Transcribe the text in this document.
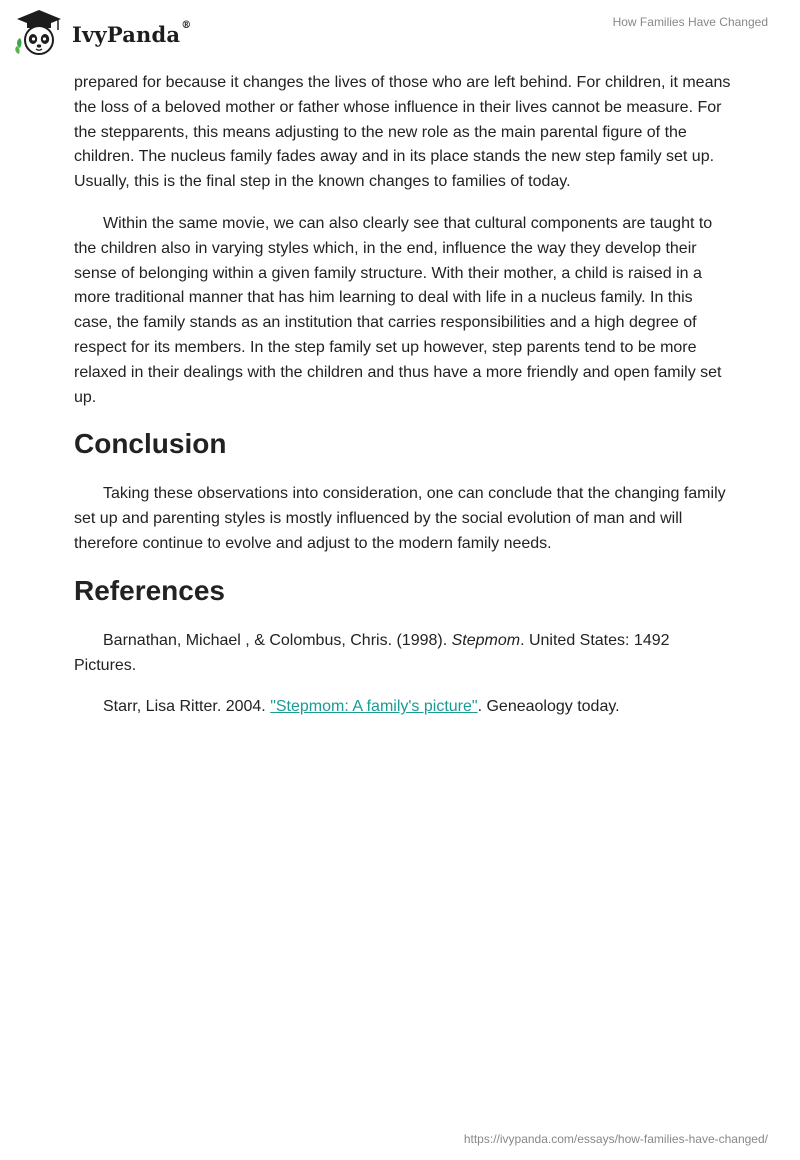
IvyPanda®	How Families Have Changed

prepared for because it changes the lives of those who are left behind. For children, it means the loss of a beloved mother or father whose influence in their lives cannot be measure. For the stepparents, this means adjusting to the new role as the main parental figure of the children. The nucleus family fades away and in its place stands the new step family set up. Usually, this is the final step in the known changes to families of today.

Within the same movie, we can also clearly see that cultural components are taught to the children also in varying styles which, in the end, influence the way they develop their sense of belonging within a given family structure. With their mother, a child is raised in a more traditional manner that has him learning to deal with life in a nucleus family. In this case, the family stands as an institution that carries responsibilities and a high degree of respect for its members. In the step family set up however, step parents tend to be more relaxed in their dealings with the children and thus have a more friendly and open family set up.

Conclusion

Taking these observations into consideration, one can conclude that the changing family set up and parenting styles is mostly influenced by the social evolution of man and will therefore continue to evolve and adjust to the modern family needs.

References

Barnathan, Michael , & Colombus, Chris. (1998). Stepmom. United States: 1492 Pictures.

Starr, Lisa Ritter. 2004. "Stepmom: A family's picture". Geneaology today.

https://ivypanda.com/essays/how-families-have-changed/
